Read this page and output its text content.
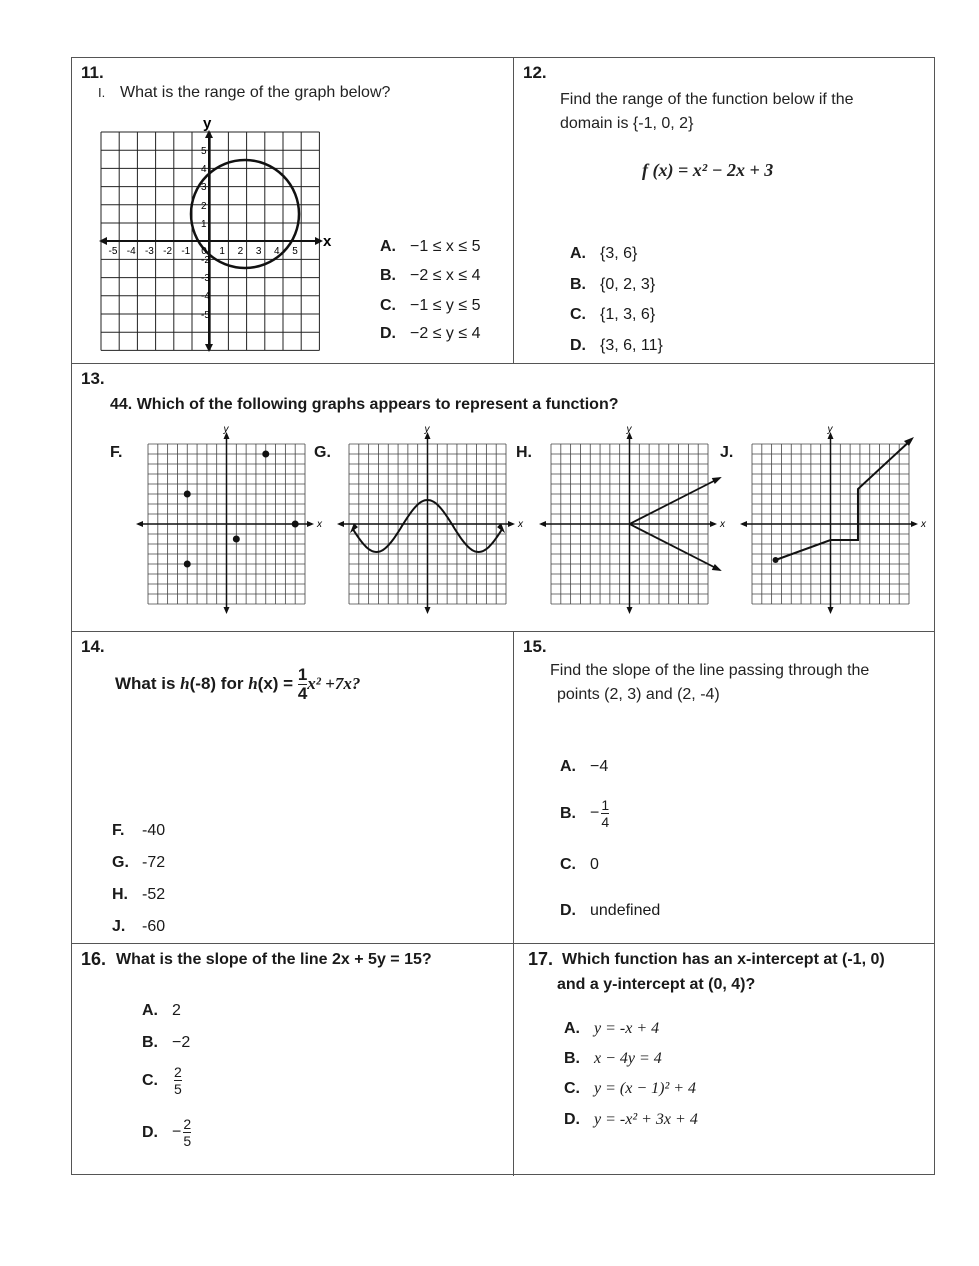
11.
I. What is the range of the graph below?
y
x
-5 -4 -3 -2 -1 0 1 2 3 4 5
5
4
3
2
1
-2
-3
-4
-5
A. −1 ≤ x ≤ 5
B. −2 ≤ x ≤ 4
C. −1 ≤ y ≤ 5
D. −2 ≤ y ≤ 4
12.
Find the range of the function below if the
domain is {-1, 0, 2}
f (x) = x² − 2x + 3
A. {3, 6}
B. {0, 2, 3}
C. {1, 3, 6}
D. {3, 6, 11}
13.
44. Which of the following graphs appears to represent a function?
F.
y
x
G.
y
x
H.
y
x
J.
y
x
14.
What is h(-8) for $h(x) = \frac{1}{4} x^2 +7x$?
F. -40
G. -72
H. -52
J. -60
15.
Find the slope of the line passing through the
points (2, 3) and (2, -4)
A. −4
B. − $\frac{1}{4}$
C. 0
D. undefined
16. What is the slope of the line 2x + 5y = 15?
A. 2
B. −2
C. $\frac{2}{5}$
D. − $\frac{2}{5}$
17. Which function has an x-intercept at (-1, 0)
and a y-intercept at (0, 4)?
A. y = -x + 4
B. x − 4y = 4
C. y = (x − 1)² + 4
D. y = -x² + 3x + 4
